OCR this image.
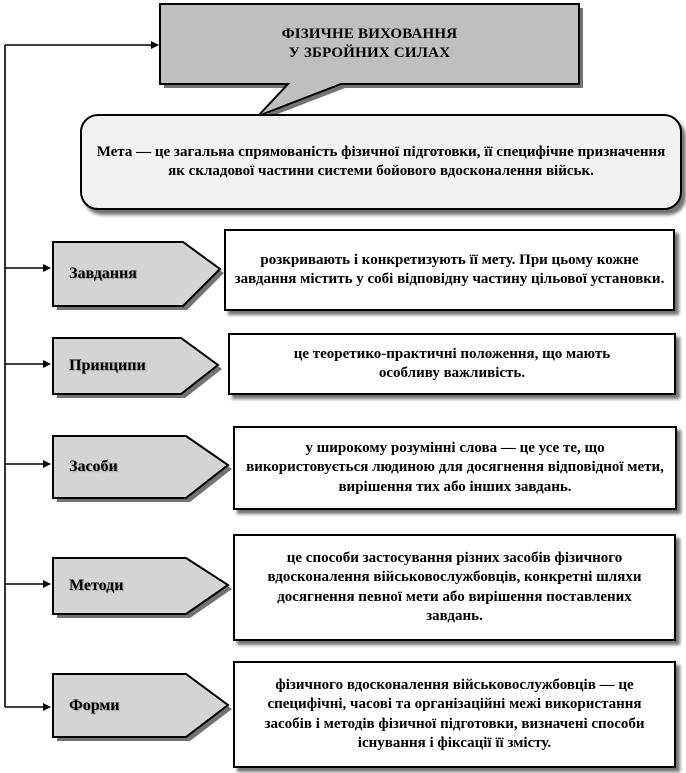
ФІЗИЧНЕ ВИХОВАННЯ
У ЗБРОЙНИХ СИЛАХ
Мета — це загальна спрямованість фізичної підготовки, її специфічне призначення як складової частини системи бойового вдосконалення військ.
Завдання
Принципи
Засоби
Методи
Форми
розкривають і конкретизують її мету. При цьому кожне завдання містить у собі відповідну частину цільової установки.
це теоретико-практичні положення, що мають особливу важливість.
у широкому розумінні слова — це усе те, що використовується людиною для досягнення відповідної мети, вирішення тих або інших завдань.
це способи застосування різних засобів фізичного вдосконалення військовослужбовців, конкретні шляхи досягнення певної мети або вирішення поставлених завдань.
фізичного вдосконалення військовослужбовців — це специфічні, часові та організаційні межі використання засобів і методів фізичної підготовки, визначені способи існування і фіксації її змісту.
